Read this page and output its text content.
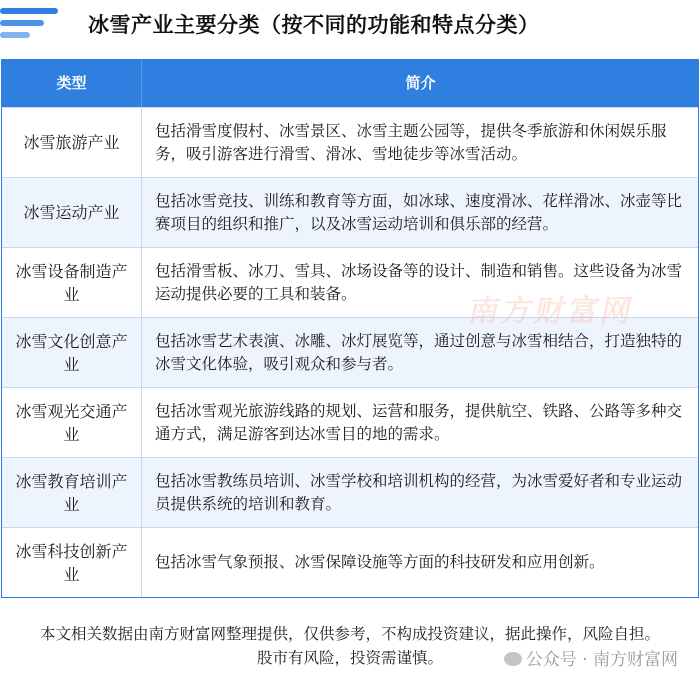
冰雪产业主要分类（按不同的功能和特点分类）
类型	简介
冰雪旅游产业
包括滑雪度假村、冰雪景区、冰雪主题公园等，提供冬季旅游和休闲娱乐服务，吸引游客进行滑雪、滑冰、雪地徒步等冰雪活动。
冰雪运动产业
包括冰雪竞技、训练和教育等方面，如冰球、速度滑冰、花样滑冰、冰壶等比赛项目的组织和推广，以及冰雪运动培训和俱乐部的经营。
冰雪设备制造产业
包括滑雪板、冰刀、雪具、冰场设备等的设计、制造和销售。这些设备为冰雪运动提供必要的工具和装备。
冰雪文化创意产业
包括冰雪艺术表演、冰雕、冰灯展览等，通过创意与冰雪相结合，打造独特的冰雪文化体验，吸引观众和参与者。
冰雪观光交通产业
包括冰雪观光旅游线路的规划、运营和服务，提供航空、铁路、公路等多种交通方式，满足游客到达冰雪目的地的需求。
冰雪教育培训产业
包括冰雪教练员培训、冰雪学校和培训机构的经营，为冰雪爱好者和专业运动员提供系统的培训和教育。
冰雪科技创新产业
包括冰雪气象预报、冰雪保障设施等方面的科技研发和应用创新。
南方财富网
本文相关数据由南方财富网整理提供，仅供参考，不构成投资建议，据此操作，风险自担。股市有风险，投资需谨慎。	公众号 · 南方财富网
